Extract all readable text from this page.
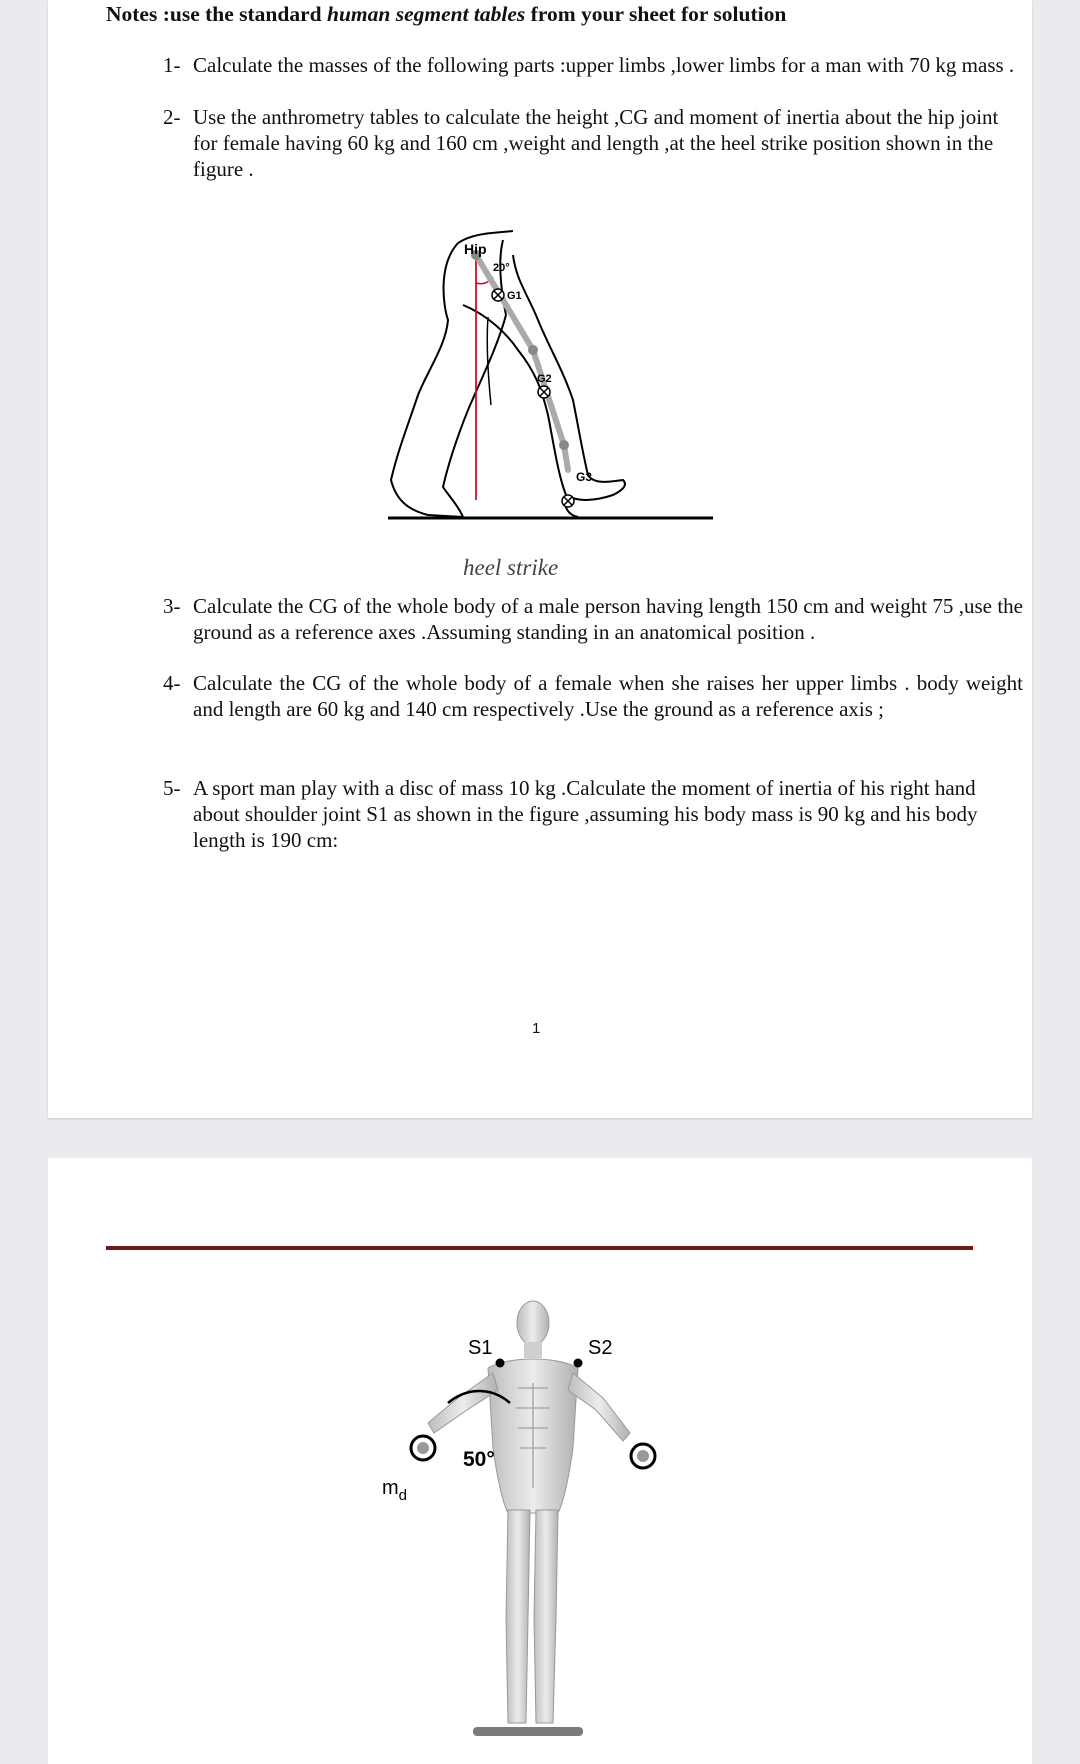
Notes :use the standard human segment tables from your sheet for solution
1- Calculate the masses of the following parts :upper limbs ,lower limbs for a man with 70 kg mass .
2- Use the anthrometry tables to calculate the height ,CG and moment of inertia about the hip joint for female having 60 kg and 160 cm ,weight and length ,at the heel strike position shown in the figure .
Hip
20°
G1
G2
G3
heel strike
3- Calculate the CG of the whole body of a male person having length 150 cm and weight 75 ,use the ground as a reference axes .Assuming standing in an anatomical position .
4- Calculate the CG of the whole body of a female when she raises her upper limbs . body weight and length are 60 kg and 140 cm respectively .Use the ground as a reference axis ;
5- A sport man play with a disc of mass 10 kg .Calculate the moment of inertia of his right hand about shoulder joint S1 as shown in the figure ,assuming his body mass is 90 kg and his body length is 190 cm:
1
S1	S2
50°
$m_d$
